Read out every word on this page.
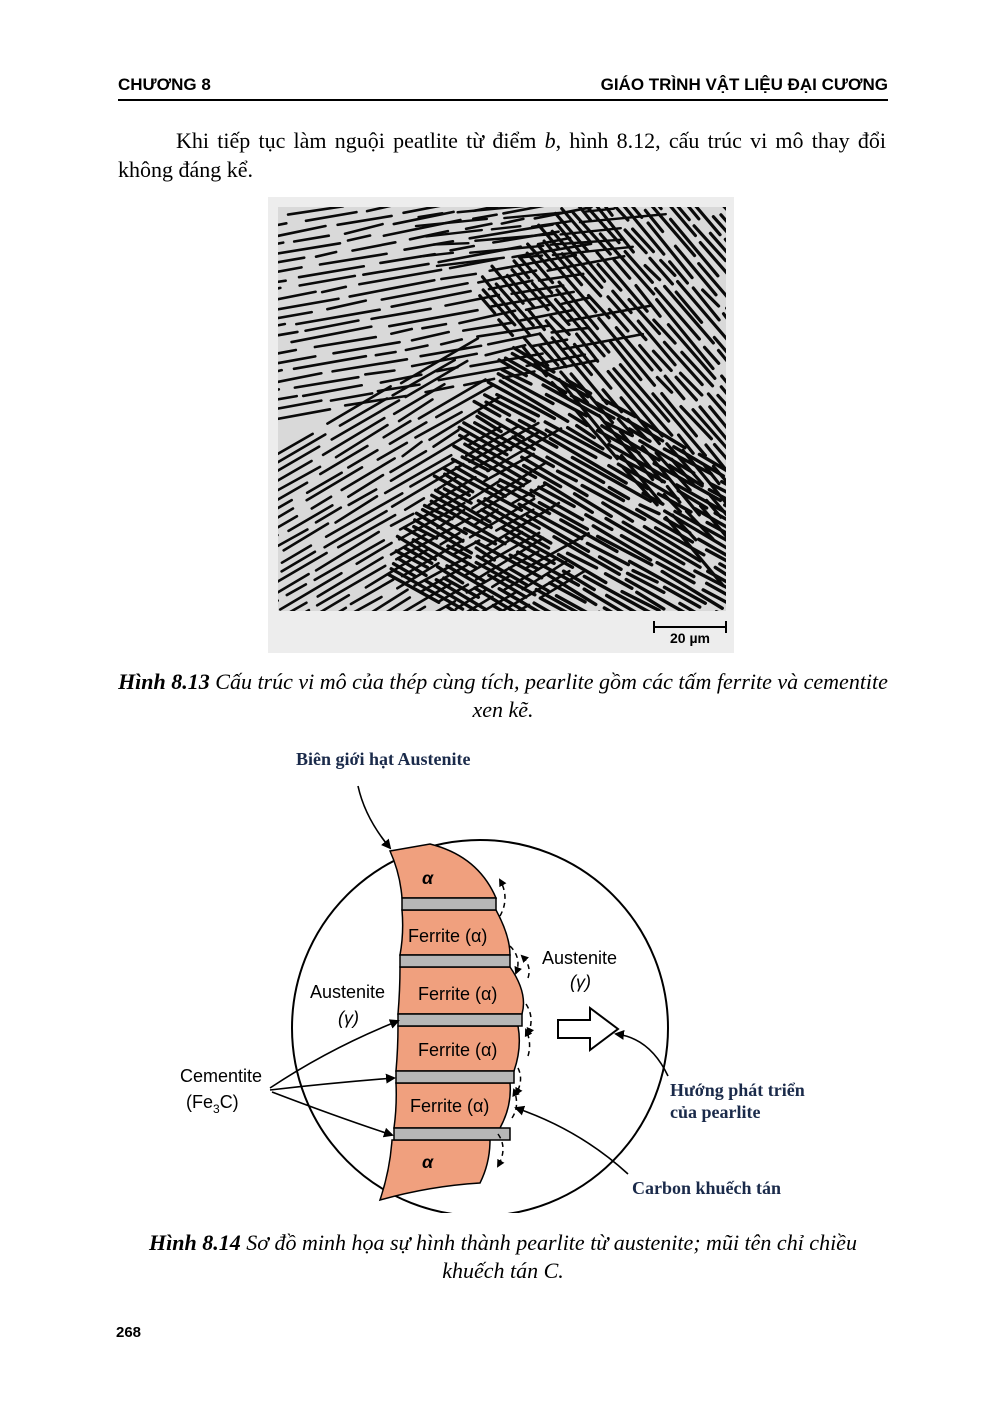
CHƯƠNG 8	GIÁO TRÌNH VẬT LIỆU ĐẠI CƯƠNG

Khi tiếp tục làm nguội peatlite từ điểm b, hình 8.12, cấu trúc vi mô thay đổi không đáng kể.

20 µm

Hình 8.13 Cấu trúc vi mô của thép cùng tích, pearlite gồm các tấm ferrite và cementite xen kẽ.

α
Ferrite (α)
Ferrite (α)
Ferrite (α)
Ferrite (α)
α
Austenite
(γ)
Austenite
(γ)
Cementite
$(Fe_3C)$
Biên giới hạt Austenite
Hướng phát triển
của pearlite
Carbon khuếch tán

Hình 8.14 Sơ đồ minh họa sự hình thành pearlite từ austenite; mũi tên chỉ chiều khuếch tán C.

268
